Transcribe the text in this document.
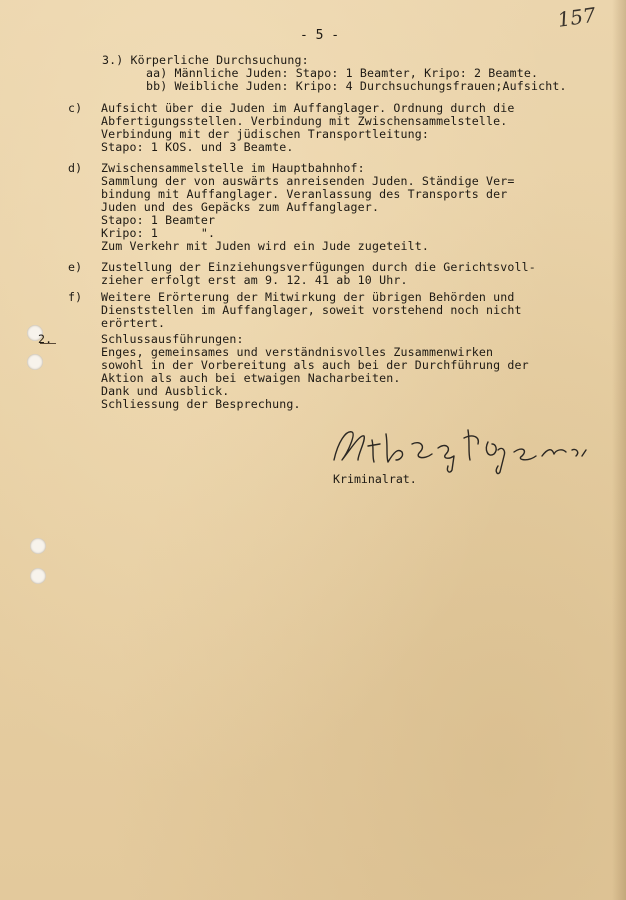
157
- 5 -
3.) Körperliche Durchsuchung:
aa) Männliche Juden: Stapo: 1 Beamter, Kripo: 2 Beamte.
bb) Weibliche Juden: Kripo: 4 Durchsuchungsfrauen;Aufsicht.
c) Aufsicht über die Juden im Auffanglager. Ordnung durch die
Abfertigungsstellen. Verbindung mit Zwischensammelstelle.
Verbindung mit der jüdischen Transportleitung:
Stapo: 1 KOS. und 3 Beamte.
d) Zwischensammelstelle im Hauptbahnhof:
Sammlung der von auswärts anreisenden Juden. Ständige Ver=
bindung mit Auffanglager. Veranlassung des Transports der
Juden und des Gepäcks zum Auffanglager.
Stapo: 1 Beamter
Kripo: 1      ".
Zum Verkehr mit Juden wird ein Jude zugeteilt.
e) Zustellung der Einziehungsverfügungen durch die Gerichtsvoll-
zieher erfolgt erst am 9. 12. 41 ab 10 Uhr.
f) Weitere Erörterung der Mitwirkung der übrigen Behörden und
Dienststellen im Auffanglager, soweit vorstehend noch nicht
erörtert.
2.	Schlussausführungen:
Enges, gemeinsames und verständnisvolles Zusammenwirken
sowohl in der Vorbereitung als auch bei der Durchführung der
Aktion als auch bei etwaigen Nacharbeiten.
Dank und Ausblick.
Schliessung der Besprechung.
Kriminalrat.
